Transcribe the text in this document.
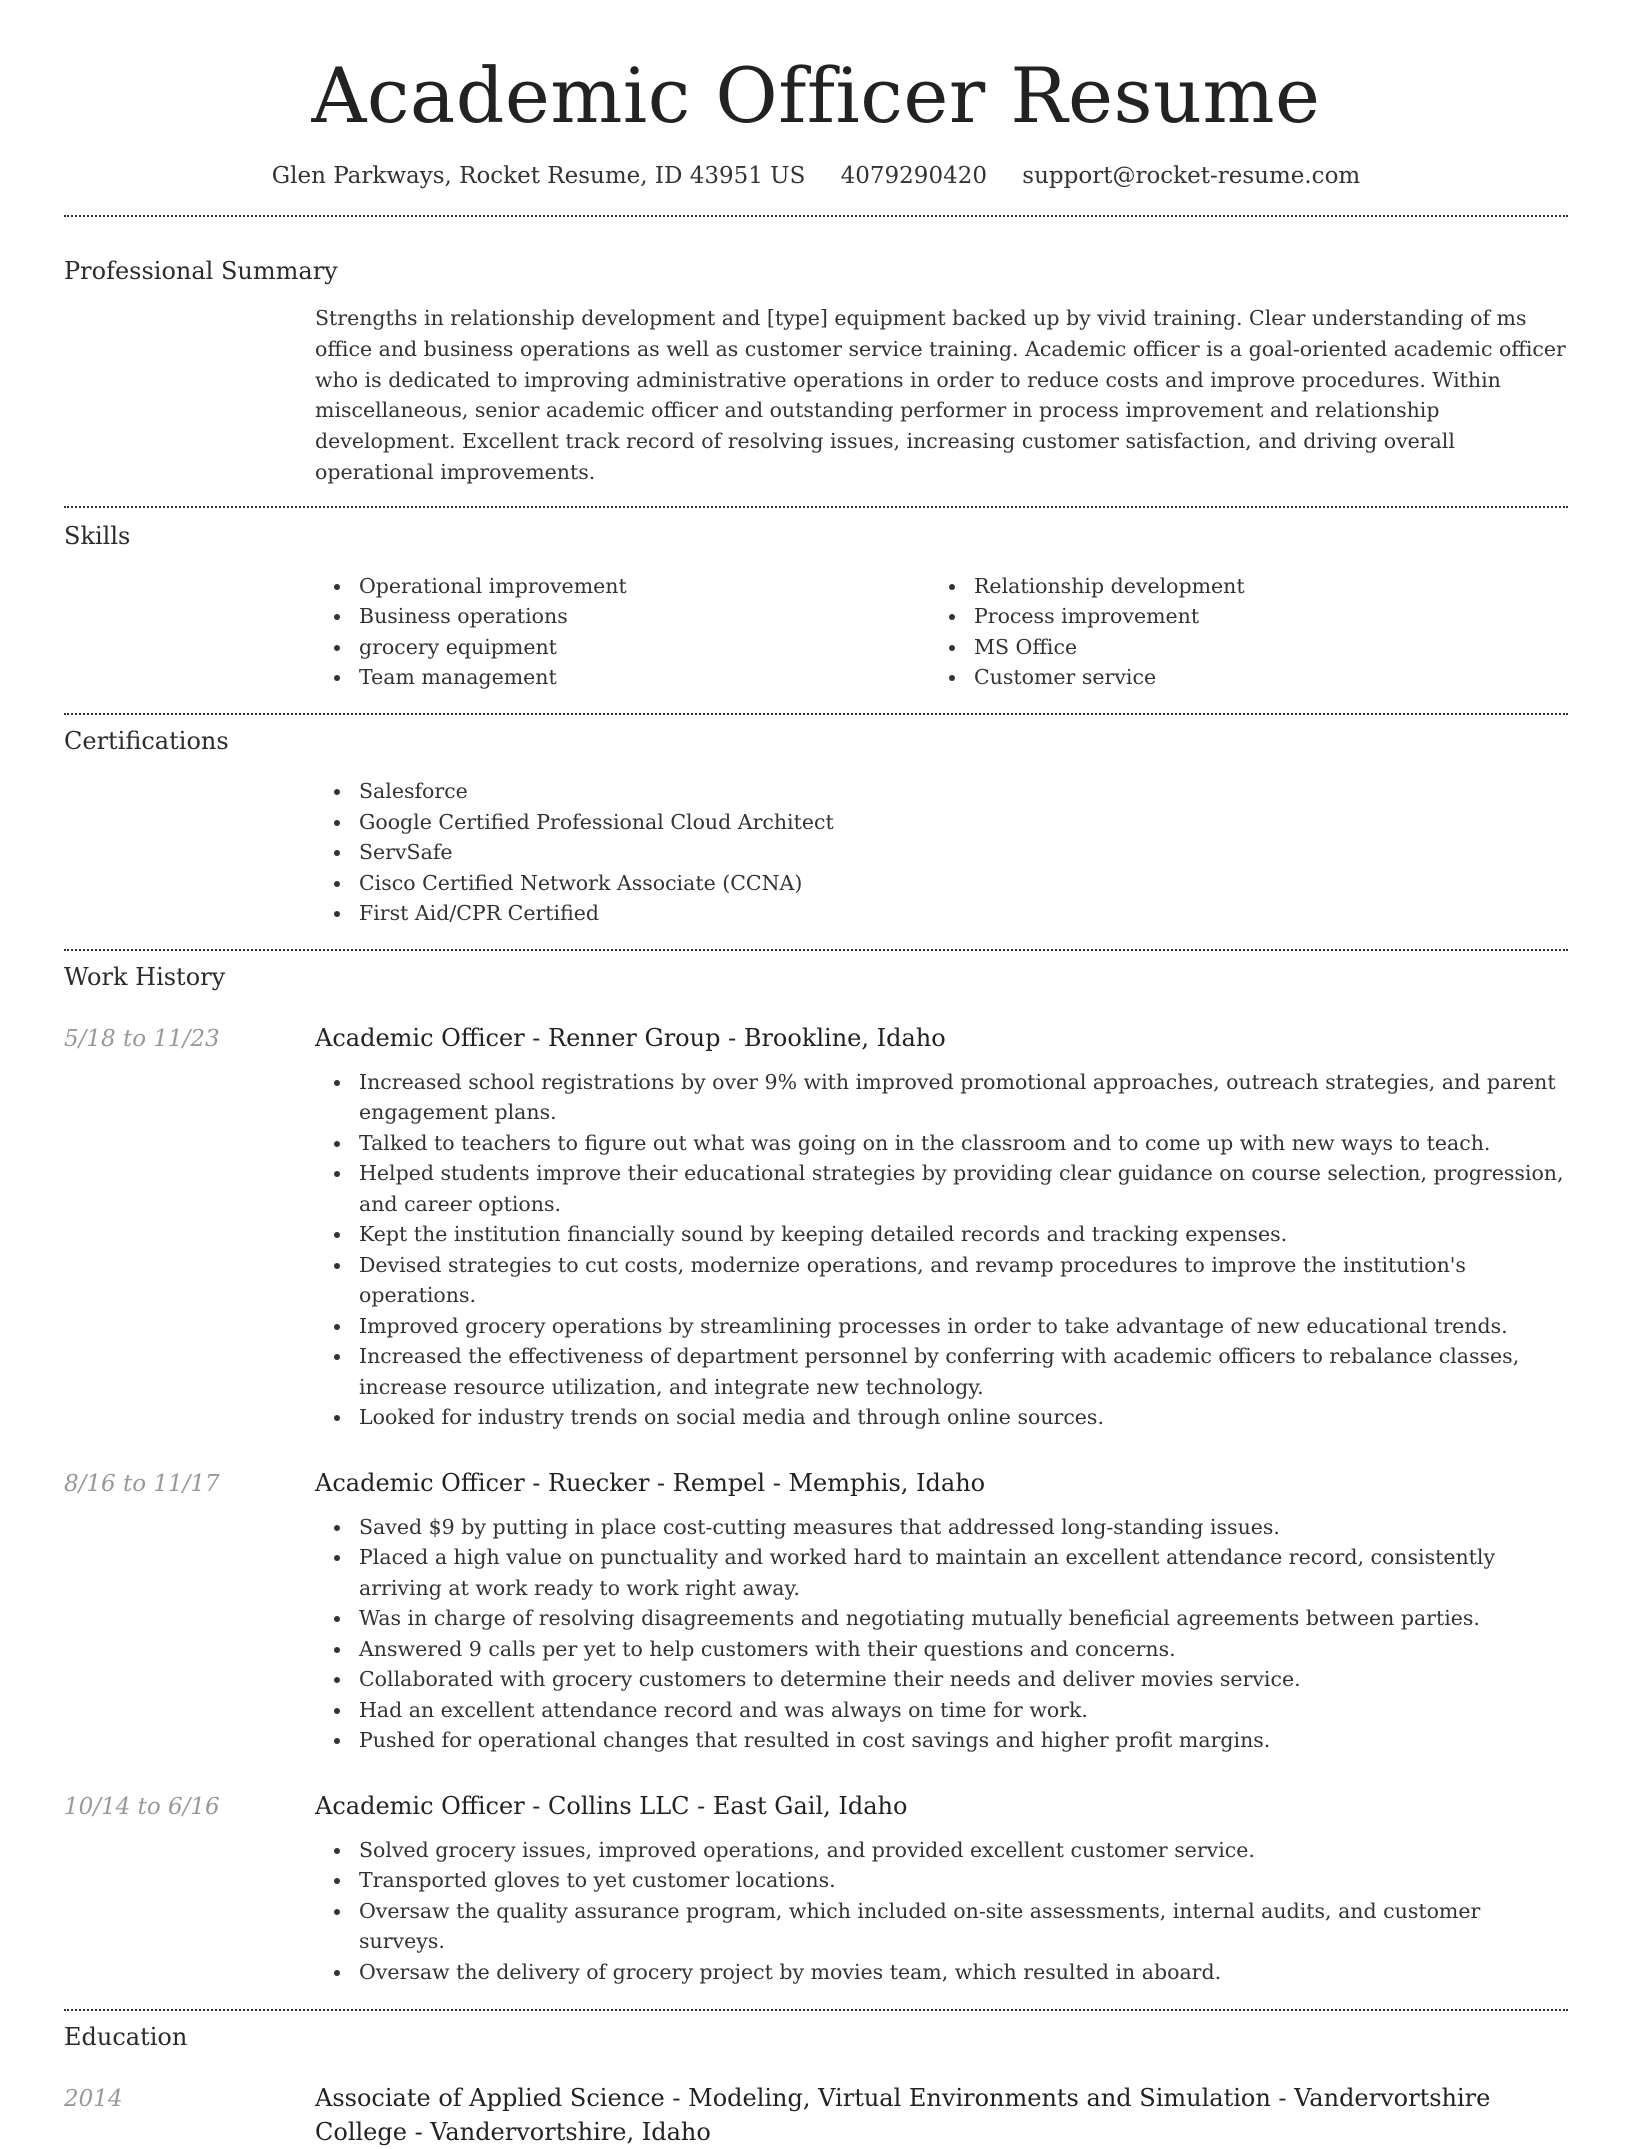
Academic Officer Resume
Glen Parkways, Rocket Resume, ID 43951 US 4079290420 support@rocket-resume.com
Professional Summary

Strengths in relationship development and [type] equipment backed up by vivid training. Clear understanding of ms office and business operations as well as customer service training. Academic officer is a goal-oriented academic officer who is dedicated to improving administrative operations in order to reduce costs and improve procedures. Within miscellaneous, senior academic officer and outstanding performer in process improvement and relationship development. Excellent track record of resolving issues, increasing customer satisfaction, and driving overall operational improvements.

Skills
Operational improvement
Business operations
grocery equipment
Team management
Relationship development
Process improvement
MS Office
Customer service
Certifications
Salesforce
Google Certified Professional Cloud Architect
ServSafe
Cisco Certified Network Associate (CCNA)
First Aid/CPR Certified
Work History
5/18 to 11/23	Academic Officer - Renner Group - Brookline, Idaho
Increased school registrations by over 9% with improved promotional approaches, outreach strategies, and parent engagement plans.
Talked to teachers to figure out what was going on in the classroom and to come up with new ways to teach.
Helped students improve their educational strategies by providing clear guidance on course selection, progression, and career options.
Kept the institution financially sound by keeping detailed records and tracking expenses.
Devised strategies to cut costs, modernize operations, and revamp procedures to improve the institution's operations.
Improved grocery operations by streamlining processes in order to take advantage of new educational trends.
Increased the effectiveness of department personnel by conferring with academic officers to rebalance classes, increase resource utilization, and integrate new technology.
Looked for industry trends on social media and through online sources.
8/16 to 11/17	Academic Officer - Ruecker - Rempel - Memphis, Idaho
Saved $9 by putting in place cost-cutting measures that addressed long-standing issues.
Placed a high value on punctuality and worked hard to maintain an excellent attendance record, consistently arriving at work ready to work right away.
Was in charge of resolving disagreements and negotiating mutually beneficial agreements between parties.
Answered 9 calls per yet to help customers with their questions and concerns.
Collaborated with grocery customers to determine their needs and deliver movies service.
Had an excellent attendance record and was always on time for work.
Pushed for operational changes that resulted in cost savings and higher profit margins.
10/14 to 6/16	Academic Officer - Collins LLC - East Gail, Idaho
Solved grocery issues, improved operations, and provided excellent customer service.
Transported gloves to yet customer locations.
Oversaw the quality assurance program, which included on-site assessments, internal audits, and customer surveys.
Oversaw the delivery of grocery project by movies team, which resulted in aboard.
Education
2014	Associate of Applied Science - Modeling, Virtual Environments and Simulation - Vandervortshire College - Vandervortshire, Idaho
